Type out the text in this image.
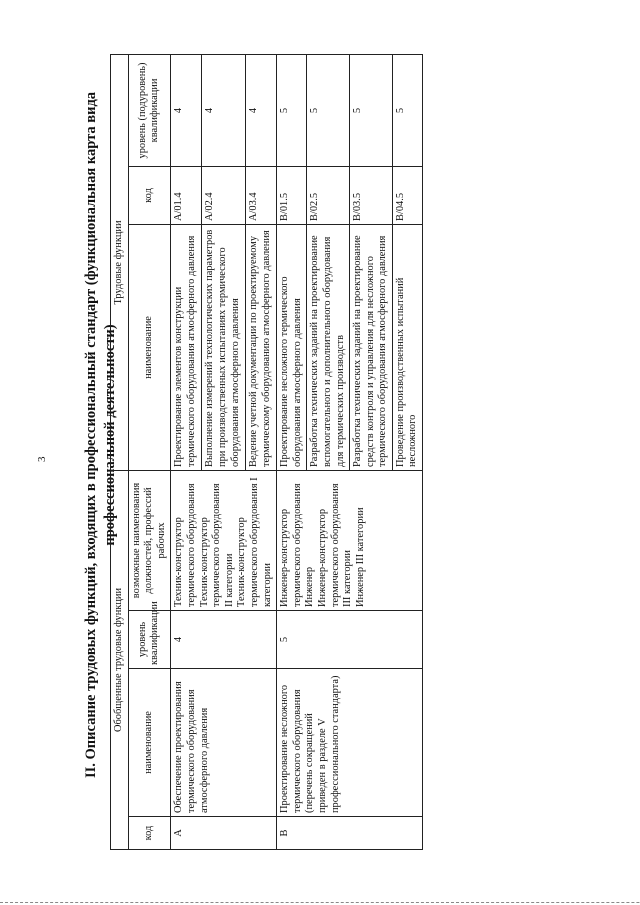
3 II. Описание трудовых функций, входящих в профессиональный стандарт (функциональная карта вида профессиональной деятельности)
Обобщенные трудовые функции				Трудовые функции		
код	наименование	уровень квалификации	возможные наименования должностей, профессий рабочих	наименование	код	уровень (подуровень) квалификации
A	Обеспечение проектирования термического оборудования атмосферного давления	4	Техник-конструктор термического оборудования Техник-конструктор термического оборудования II категории Техник-конструктор термического оборудования I категории	Проектирование элементов конструкции термического оборудования атмосферного давления	A/01.4	4
				Выполнение измерений технологических параметров при производственных испытаниях термического оборудования атмосферного давления	A/02.4	4
				Ведение учетной документации по проектируемому термическому оборудованию атмосферного давления	A/03.4	4
B	Проектирование несложного термического оборудования (перечень сокращений приведен в разделе V профессионального стандарта)	5	Инженер-конструктор термического оборудования Инженер Инженер-конструктор термического оборудования III категории Инженер III категории	Проектирование несложного термического оборудования атмосферного давления	B/01.5	5
				Разработка технических заданий на проектирование вспомогательного и дополнительного оборудования для термических производств	B/02.5	5
				Разработка технических заданий на проектирование средств контроля и управления для несложного термического оборудования атмосферного давления	B/03.5	5
				Проведение производственных испытаний несложного	B/04.5	5
